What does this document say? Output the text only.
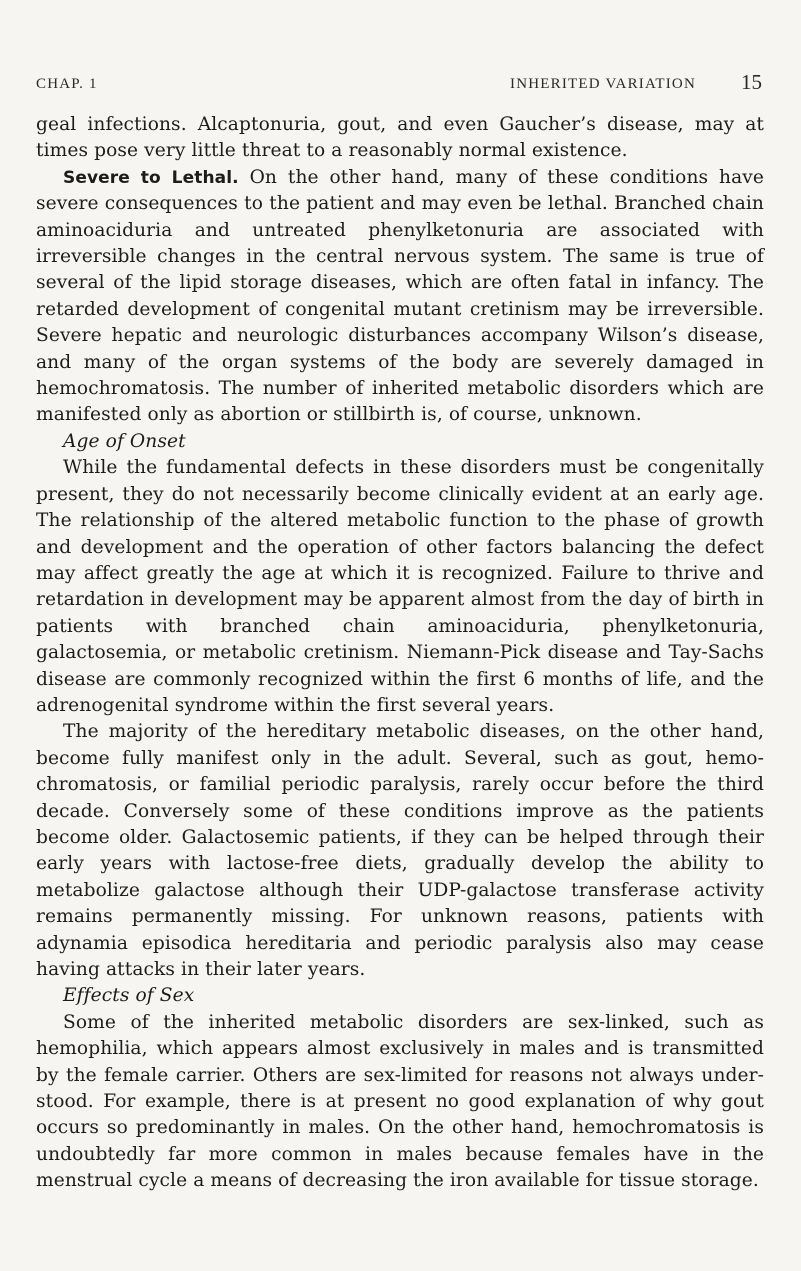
CHAP. 1	INHERITED VARIATION 15

geal infections. Alcaptonuria, gout, and even Gaucher’s disease, may at times pose very little threat to a reasonably normal existence.

Severe to Lethal. On the other hand, many of these conditions have severe consequences to the patient and may even be lethal. Branched chain aminoaciduria and untreated phenylketonuria are associated with irreversible changes in the central nervous system. The same is true of several of the lipid storage diseases, which are often fatal in infancy. The retarded development of congenital mutant cretinism may be irreversible. Severe hepatic and neurologic disturbances accompany Wilson’s disease, and many of the organ systems of the body are severely damaged in hemochromatosis. The number of inherited metabolic disorders which are manifested only as abortion or stillbirth is, of course, unknown.

Age of Onset

While the fundamental defects in these disorders must be congenitally present, they do not necessarily become clinically evident at an early age. The relationship of the altered metabolic function to the phase of growth and development and the operation of other factors balancing the defect may affect greatly the age at which it is recognized. Failure to thrive and retardation in development may be apparent almost from the day of birth in patients with branched chain aminoaciduria, phenylketonuria, galactosemia, or metabolic cretinism. Niemann-Pick disease and Tay-Sachs disease are commonly recognized within the first 6 months of life, and the adrenogenital syndrome within the first several years.

The majority of the hereditary metabolic diseases, on the other hand, become fully manifest only in the adult. Several, such as gout, hemo-chromatosis, or familial periodic paralysis, rarely occur before the third decade. Conversely some of these conditions improve as the patients become older. Galactosemic patients, if they can be helped through their early years with lactose-free diets, gradually develop the ability to metabolize galactose although their UDP-galactose transferase activity remains permanently missing. For unknown reasons, patients with adynamia episodica hereditaria and periodic paralysis also may cease having attacks in their later years.

Effects of Sex

Some of the inherited metabolic disorders are sex-linked, such as hemophilia, which appears almost exclusively in males and is transmitted by the female carrier. Others are sex-limited for reasons not always under-stood. For example, there is at present no good explanation of why gout occurs so predominantly in males. On the other hand, hemochromatosis is undoubtedly far more common in males because females have in the menstrual cycle a means of decreasing the iron available for tissue storage.
